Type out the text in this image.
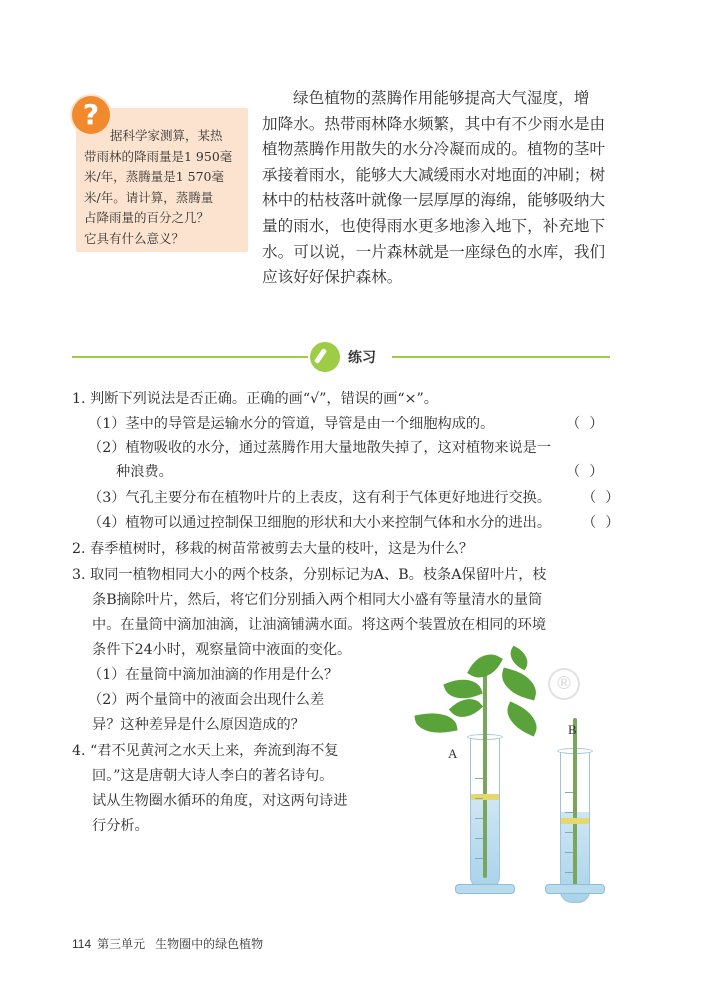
?
据科学家测算，某热
带雨林的降雨量是1 950毫
米/年，蒸腾量是1 570毫
米/年。请计算，蒸腾量
占降雨量的百分之几？
它具有什么意义？
绿色植物的蒸腾作用能够提高大气湿度，增
加降水。热带雨林降水频繁，其中有不少雨水是由
植物蒸腾作用散失的水分冷凝而成的。植物的茎叶
承接着雨水，能够大大减缓雨水对地面的冲刷；树
林中的枯枝落叶就像一层厚厚的海绵，能够吸纳大
量的雨水，也使得雨水更多地渗入地下，补充地下
水。可以说，一片森林就是一座绿色的水库，我们
应该好好保护森林。
练习
1. 判断下列说法是否正确。正确的画“√”，错误的画“×”。
（1）茎中的导管是运输水分的管道，导管是由一个细胞构成的。	（  ）
（2）植物吸收的水分，通过蒸腾作用大量地散失掉了，这对植物来说是一
种浪费。	（  ）
（3）气孔主要分布在植物叶片的上表皮，这有利于气体更好地进行交换。 （  ）
（4）植物可以通过控制保卫细胞的形状和大小来控制气体和水分的进出。 （  ）
2. 春季植树时，移栽的树苗常被剪去大量的枝叶，这是为什么？
3. 取同一植物相同大小的两个枝条，分别标记为A、B。枝条A保留叶片，枝
条B摘除叶片，然后，将它们分别插入两个相同大小盛有等量清水的量筒
中。在量筒中滴加油滴，让油滴铺满水面。将这两个装置放在相同的环境
条件下24小时，观察量筒中液面的变化。
（1）在量筒中滴加油滴的作用是什么？
（2）两个量筒中的液面会出现什么差
异？这种差异是什么原因造成的？
4. “君不见黄河之水天上来，奔流到海不复
回。”这是唐朝大诗人李白的著名诗句。
试从生物圈水循环的角度，对这两句诗进
行分析。
®
A
B
114 第三单元 生物圈中的绿色植物
